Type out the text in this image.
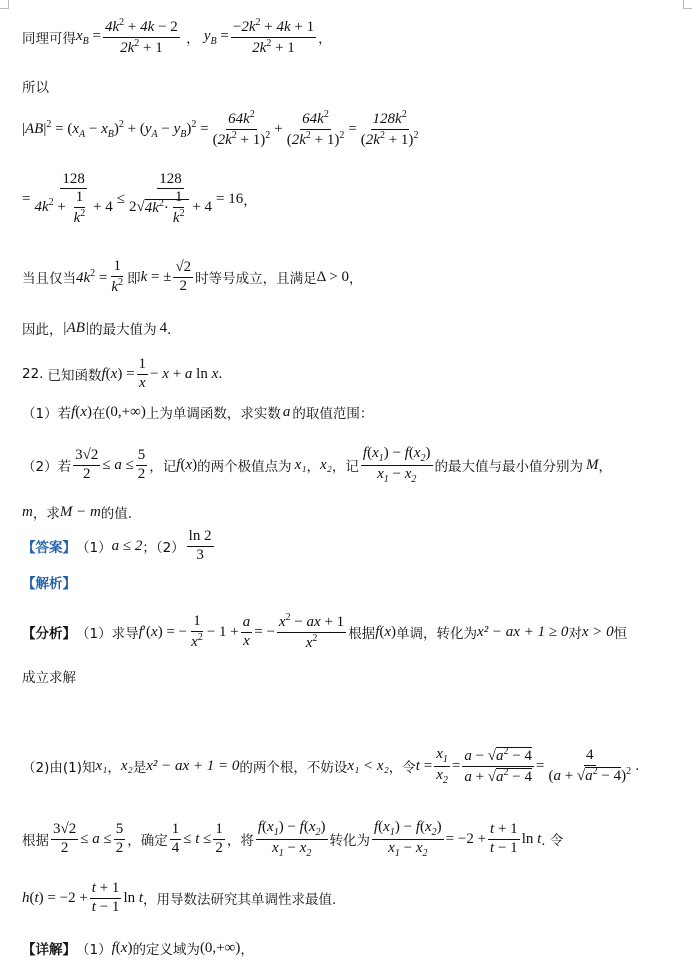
同理可得 $x_B = \frac{4k^2 + 4k - 2}{2k^2 + 1}$ ， $y_B = \frac{-2k^2 + 4k + 1}{2k^2 + 1}$ ，
所以
$|AB|^2 = (x_A - x_B)^2 + (y_A - y_B)^2 = \frac{64k^2}{(2k^2 + 1)^2} + \frac{64k^2}{(2k^2 + 1)^2} = \frac{128k^2}{(2k^2 + 1)^2}$
= $\frac{128}{4k^2 + \frac{1}{k^2} + 4} \le \frac{128}{2√4k^2\cdot \frac{1}{k^2} + 4} = 16$ ，
当且仅当 $4k^2 = \frac{1}{k^2}$ 即 k = ± $\frac{√2}{2}$ 时等号成立，且满足 Δ > 0 ，
因此， |AB| 的最大值为 4 ．
22. 已知函数 $f(x) = \frac{1}{x} - x + a$ ln x .
（1）若 f(x) 在 (0,+∞) 上为单调函数，求实数 a 的取值范围：
（2）若 $\frac{3√2}{2} \le a \le \frac{5}{2}$ ，记 f(x) 的两个极值点为 x₁ ， x₂ ，记 $\frac{f(x_1) - f(x_2)}{x_1 - x_2}$ 的最大值与最小值分别为 M ，
m ，求 M − m 的值.
【答案】 （1） a ≤ 2 ；$(2) \frac{\ln 2}{3}$
【解析】
【分析】 （1）求导 f′(x) = − $\frac{1}{x^2} - 1 + \frac{a}{x}$ = − $\frac{x^2 - ax + 1}{x^2}$ 根据 f(x) 单调，转化为 x² − ax + 1 ≥ 0 对 x > 0 恒
成立求解
（2)由(1)知 x₁ ， x₂ 是 x² − ax + 1 = 0 的两个根，不妨设 x₁ < x₂ ，令 $t = \frac{x_1}{x_2} = \frac{a - √a^2 - 4}{a + √a^2 - 4} = \frac{4}{(a + √a^2 - 4)^2}$ .
根据 $\frac{3√2}{2} \le a \le \frac{5}{2}$ ，确定 $\frac{1}{4} \le t \le \frac{1}{2}$ ，将 $\frac{f(x_1) - f(x_2)}{x_1 - x_2}$ 转化为 $\frac{f(x_1) - f(x_2)}{x_1 - x_2} = -2 + \frac{t + 1}{t - 1}$ ln t . 令
$h(t) = -2 + \frac{t + 1}{t - 1}$ ln t ，用导数法研究其单调性求最值.
【详解】 （1） f(x) 的定义域为 (0,+∞) ，
